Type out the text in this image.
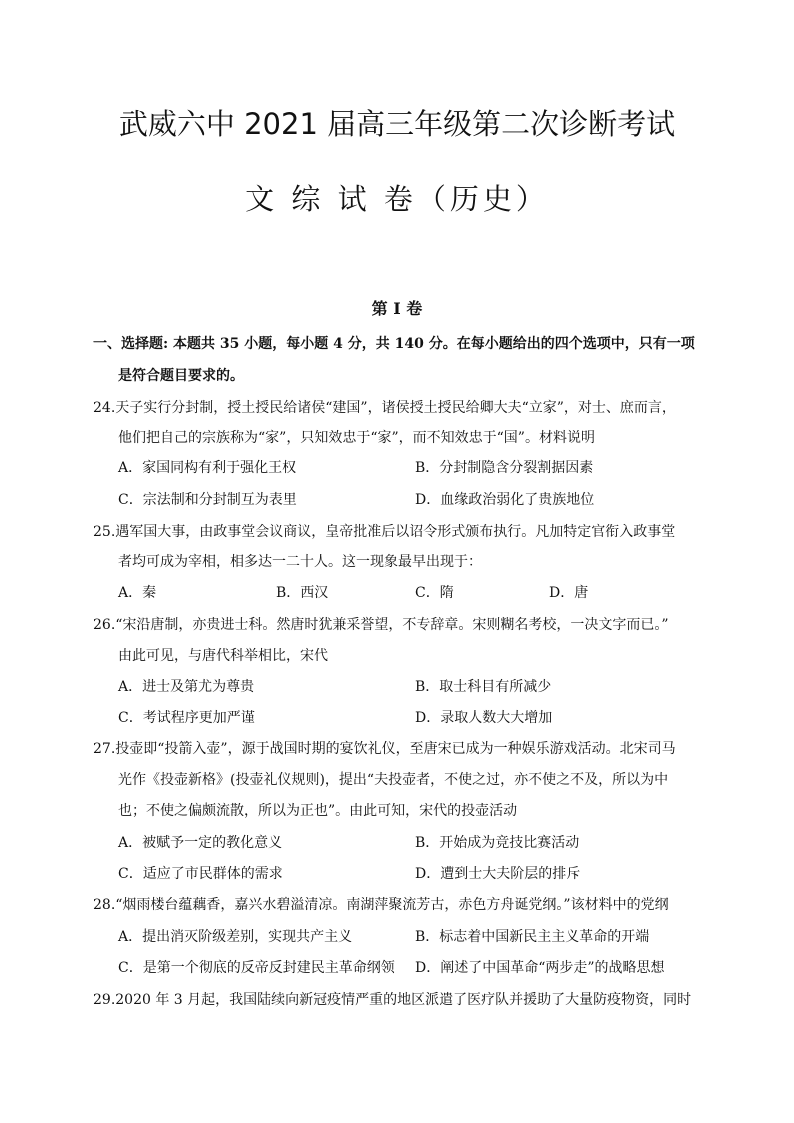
武威六中 2021 届高三年级第二次诊断考试
文 综 试 卷（历史）
第 I 卷
一、选择题: 本题共 35 小题，每小题 4 分，共 140 分。在每小题给出的四个选项中，只有一项
是符合题目要求的。
24.天子实行分封制，授土授民给诸侯“建国”，诸侯授土授民给卿大夫“立家”，对士、庶而言，
他们把自己的宗族称为“家”，只知效忠于“家”，而不知效忠于“国”。材料说明
A．家国同构有利于强化王权	B．分封制隐含分裂割据因素
C．宗法制和分封制互为表里	D．血缘政治弱化了贵族地位
25.遇军国大事，由政事堂会议商议，皇帝批准后以诏令形式颁布执行。凡加特定官衔入政事堂
者均可成为宰相，相多达一二十人。这一现象最早出现于：
A．秦	B．西汉	C．隋	D．唐
26.“宋沿唐制，亦贵进士科。然唐时犹兼采誉望，不专辞章。宋则糊名考校，一决文字而已。”
由此可见，与唐代科举相比，宋代
A．进士及第尤为尊贵	B．取士科目有所减少
C．考试程序更加严谨	D．录取人数大大增加
27.投壶即“投箭入壶”，源于战国时期的宴饮礼仪，至唐宋已成为一种娱乐游戏活动。北宋司马
光作《投壶新格》(投壶礼仪规则)，提出“夫投壶者，不使之过，亦不使之不及，所以为中
也；不使之偏颇流散，所以为正也”。由此可知，宋代的投壶活动
A．被赋予一定的教化意义	B．开始成为竞技比赛活动
C．适应了市民群体的需求	D．遭到士大夫阶层的排斥
28.“烟雨楼台蕴藕香，嘉兴水碧溢清凉。南湖萍聚流芳古，赤色方舟诞党纲。”该材料中的党纲
A．提出消灭阶级差别，实现共产主义	B．标志着中国新民主主义革命的开端
C．是第一个彻底的反帝反封建民主革命纲领 D．阐述了中国革命“两步走”的战略思想
29.2020 年 3 月起，我国陆续向新冠疫情严重的地区派遣了医疗队并援助了大量防疫物资，同时
